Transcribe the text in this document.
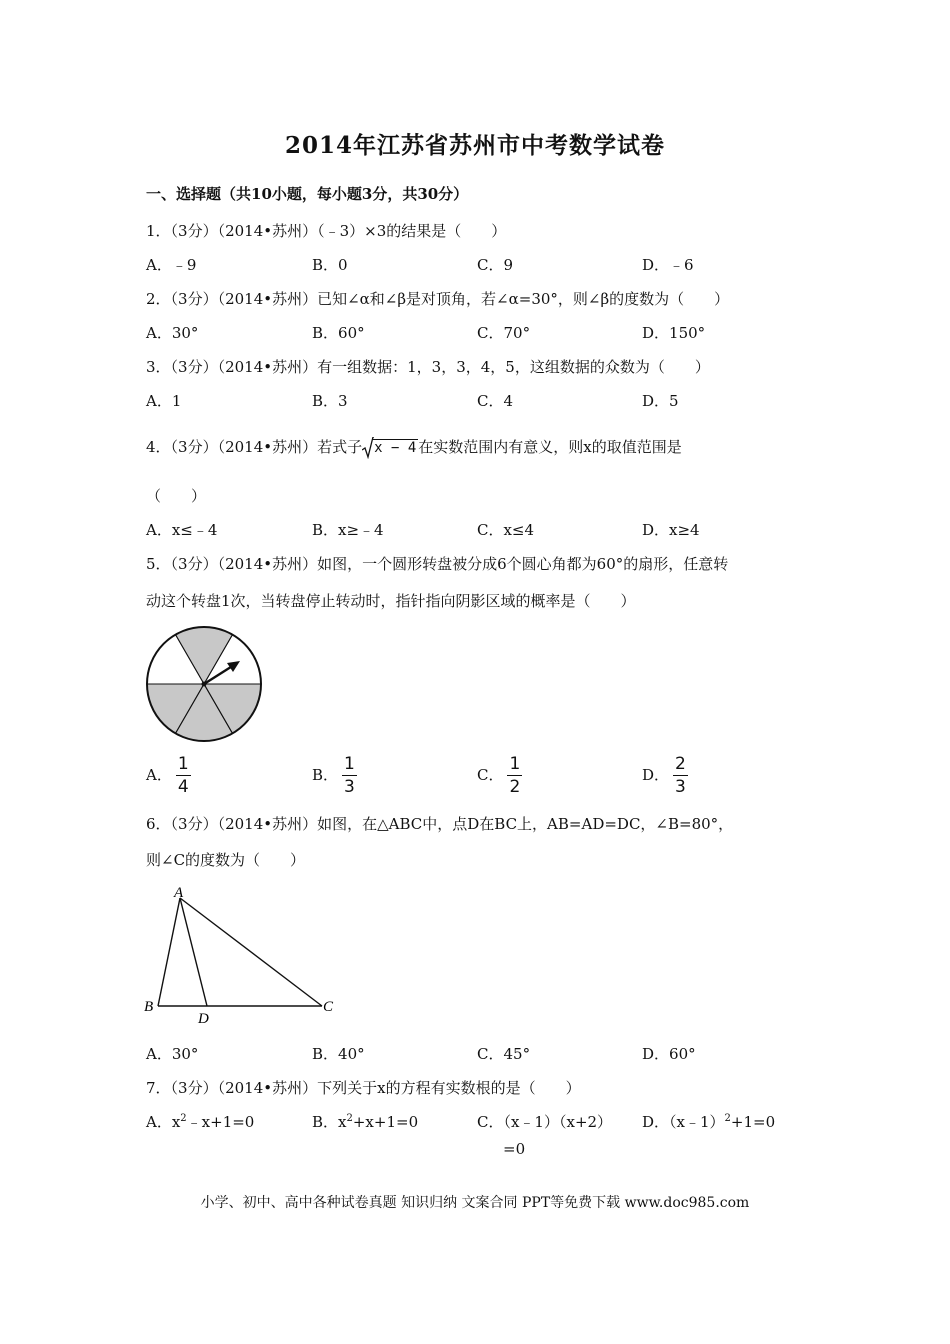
2014年江苏省苏州市中考数学试卷
一、选择题（共10小题，每小题3分，共30分）
1．（3分）（2014•苏州）（﹣3）×3的结果是（　　）
A．﹣9	B．0	C．9	D．﹣6
2．（3分）（2014•苏州）已知∠α和∠β是对顶角，若∠α=30°，则∠β的度数为（　　）
A．30°	B．60°	C．70°	D．150°
3．（3分）（2014•苏州）有一组数据：1，3，3，4，5，这组数据的众数为（　　）
A．1	B．3	C．4	D．5
4．（3分）（2014•苏州）若式子 x − 4 在实数范围内有意义，则x的取值范围是
（　　）
A．x≤﹣4	B．x≥﹣4	C．x≤4	D．x≥4
5．（3分）（2014•苏州）如图，一个圆形转盘被分成6个圆心角都为60°的扇形，任意转
动这个转盘1次，当转盘停止转动时，指针指向阴影区域的概率是（　　）
A． $\frac{1}{4}$	B． $\frac{1}{3}$	C． $\frac{1}{2}$	D． $\frac{2}{3}$
6．（3分）（2014•苏州）如图，在△ABC中，点D在BC上，AB=AD=DC，∠B=80°，
则∠C的度数为（　　）
A
B
D
C
A．30°	B．40°	C．45°	D．60°
7．（3分）（2014•苏州）下列关于x的方程有实数根的是（　　）
A．$x^2﹣x+1=0$	B．$x^2+x+1=0$	C．（x﹣1）（x+2）
=0
D．（x﹣1）$^2$+1=0
小学、初中、高中各种试卷真题 知识归纳 文案合同 PPT等免费下载 www.doc985.com
